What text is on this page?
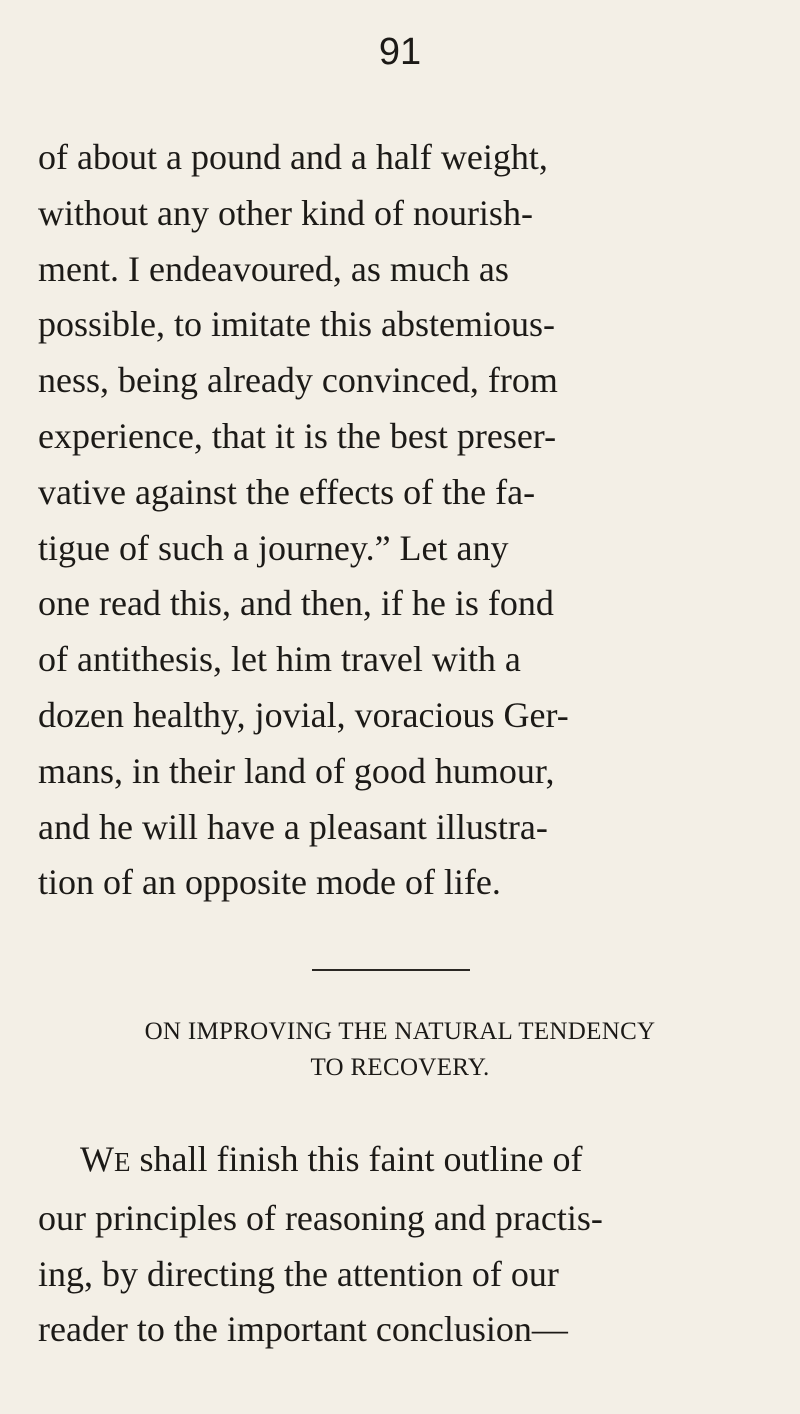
91
of about a pound and a half weight,
without any other kind of nourish-
ment. I endeavoured, as much as
possible, to imitate this abstemious-
ness, being already convinced, from
experience, that it is the best preser-
vative against the effects of the fa-
tigue of such a journey.” Let any
one read this, and then, if he is fond
of antithesis, let him travel with a
dozen healthy, jovial, voracious Ger-
mans, in their land of good humour,
and he will have a pleasant illustra-
tion of an opposite mode of life.
ON IMPROVING THE NATURAL TENDENCY
TO RECOVERY.
WE shall finish this faint outline of
our principles of reasoning and practis-
ing, by directing the attention of our
reader to the important conclusion—
